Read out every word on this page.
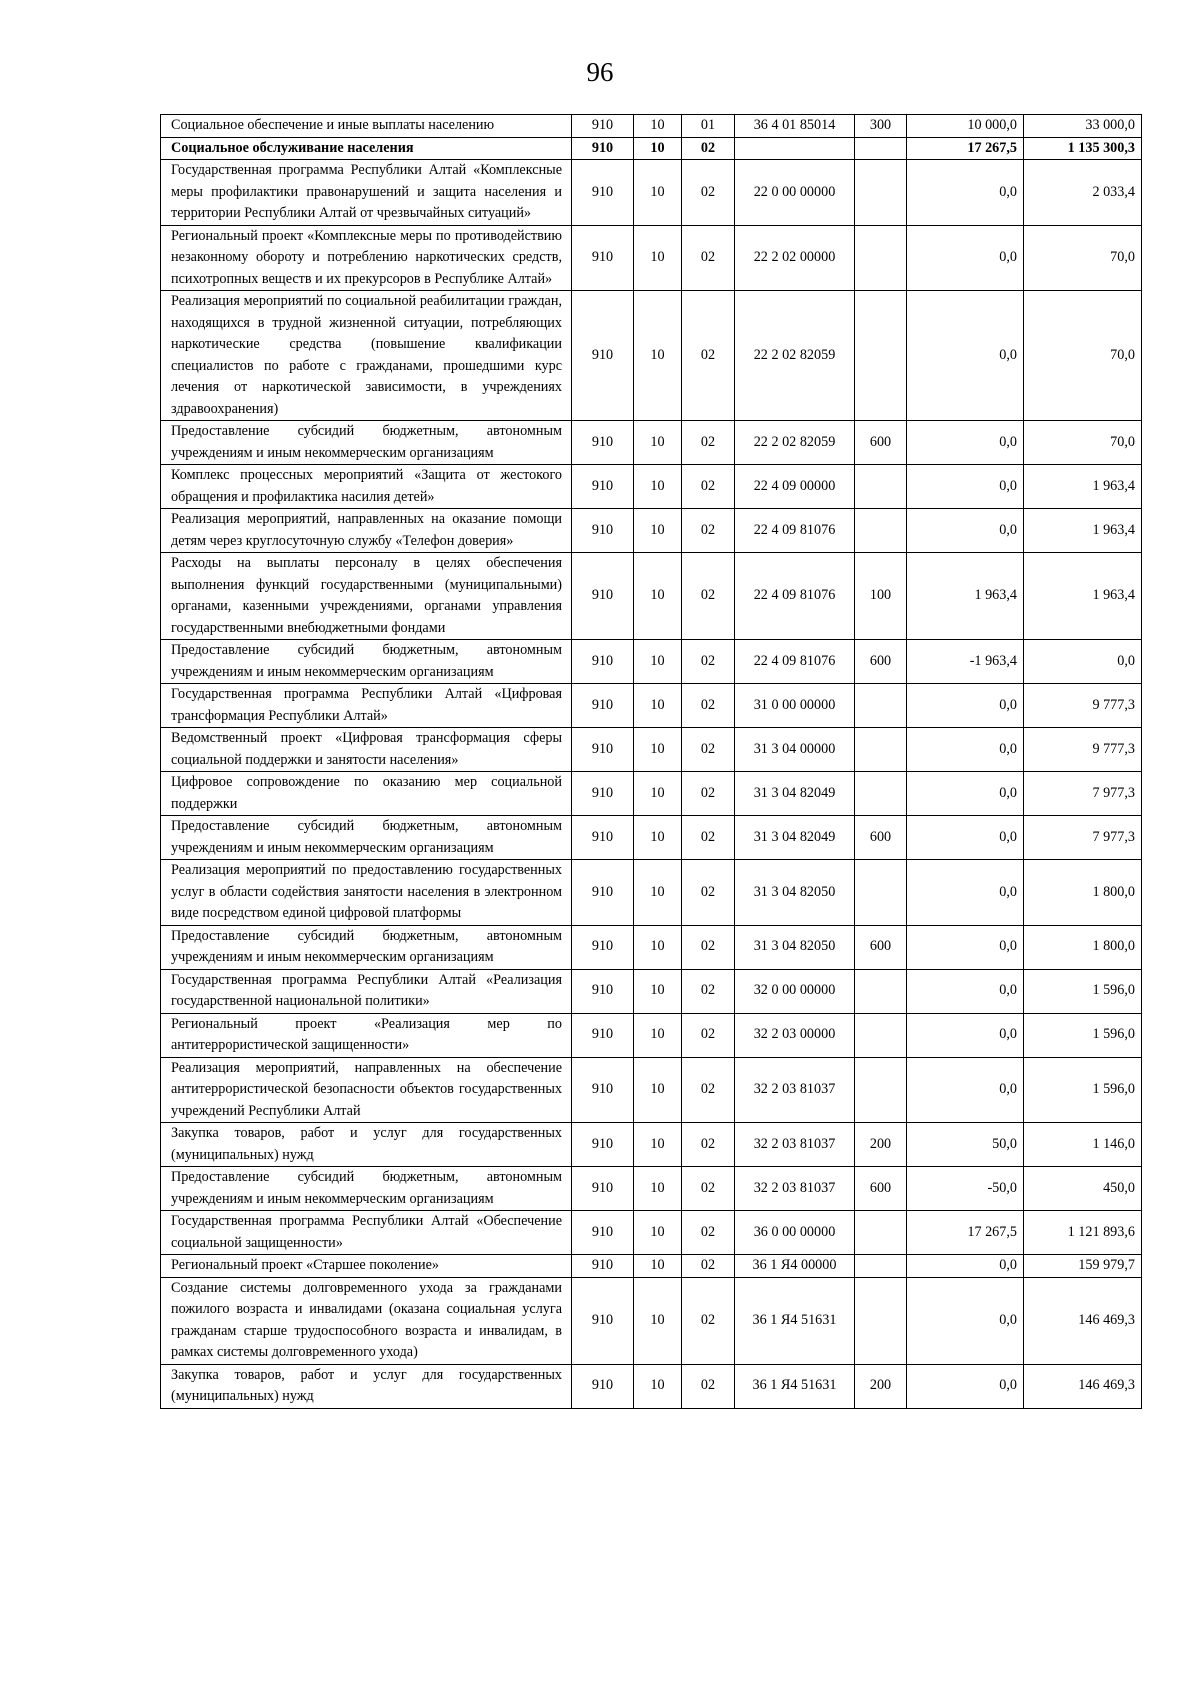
96
Социальное обеспечение и иные выплаты населению	910	10	01	36 4 01 85014	300	10 000,0	33 000,0
Социальное обслуживание населения	910	10	02			17 267,5	1 135 300,3
Государственная программа Республики Алтай «Комплексные меры профилактики правонарушений и защита населения и территории Республики Алтай от чрезвычайных ситуаций»	910	10	02	22 0 00 00000		0,0	2 033,4
Региональный проект «Комплексные меры по противодействию незаконному обороту и потреблению наркотических средств, психотропных веществ и их прекурсоров в Республике Алтай»	910	10	02	22 2 02 00000		0,0	70,0
Реализация мероприятий по социальной реабилитации граждан, находящихся в трудной жизненной ситуации, потребляющих наркотические средства (повышение квалификации специалистов по работе с гражданами, прошедшими курс лечения от наркотической зависимости, в учреждениях здравоохранения)	910	10	02	22 2 02 82059		0,0	70,0
Предоставление субсидий бюджетным, автономным учреждениям и иным некоммерческим организациям	910	10	02	22 2 02 82059	600	0,0	70,0
Комплекс процессных мероприятий «Защита от жестокого обращения и профилактика насилия детей»	910	10	02	22 4 09 00000		0,0	1 963,4
Реализация мероприятий, направленных на оказание помощи детям через круглосуточную службу «Телефон доверия»	910	10	02	22 4 09 81076		0,0	1 963,4
Расходы на выплаты персоналу в целях обеспечения выполнения функций государственными (муниципальными) органами, казенными учреждениями, органами управления государственными внебюджетными фондами	910	10	02	22 4 09 81076	100	1 963,4	1 963,4
Предоставление субсидий бюджетным, автономным учреждениям и иным некоммерческим организациям	910	10	02	22 4 09 81076	600	-1 963,4	0,0
Государственная программа Республики Алтай «Цифровая трансформация Республики Алтай»	910	10	02	31 0 00 00000		0,0	9 777,3
Ведомственный проект «Цифровая трансформация сферы социальной поддержки и занятости населения»	910	10	02	31 3 04 00000		0,0	9 777,3
Цифровое сопровождение по оказанию мер социальной поддержки	910	10	02	31 3 04 82049		0,0	7 977,3
Предоставление субсидий бюджетным, автономным учреждениям и иным некоммерческим организациям	910	10	02	31 3 04 82049	600	0,0	7 977,3
Реализация мероприятий по предоставлению государственных услуг в области содействия занятости населения в электронном виде посредством единой цифровой платформы	910	10	02	31 3 04 82050		0,0	1 800,0
Предоставление субсидий бюджетным, автономным учреждениям и иным некоммерческим организациям	910	10	02	31 3 04 82050	600	0,0	1 800,0
Государственная программа Республики Алтай «Реализация государственной национальной политики»	910	10	02	32 0 00 00000		0,0	1 596,0
Региональный проект «Реализация мер по антитеррористической защищенности»	910	10	02	32 2 03 00000		0,0	1 596,0
Реализация мероприятий, направленных на обеспечение антитеррористической безопасности объектов государственных учреждений Республики Алтай	910	10	02	32 2 03 81037		0,0	1 596,0
Закупка товаров, работ и услуг для государственных (муниципальных) нужд	910	10	02	32 2 03 81037	200	50,0	1 146,0
Предоставление субсидий бюджетным, автономным учреждениям и иным некоммерческим организациям	910	10	02	32 2 03 81037	600	-50,0	450,0
Государственная программа Республики Алтай «Обеспечение социальной защищенности»	910	10	02	36 0 00 00000		17 267,5	1 121 893,6
Региональный проект «Старшее поколение»	910	10	02	36 1 Я4 00000		0,0	159 979,7
Создание системы долговременного ухода за гражданами пожилого возраста и инвалидами (оказана социальная услуга гражданам старше трудоспособного возраста и инвалидам, в рамках системы долговременного ухода)	910	10	02	36 1 Я4 51631		0,0	146 469,3
Закупка товаров, работ и услуг для государственных (муниципальных) нужд	910	10	02	36 1 Я4 51631	200	0,0	146 469,3
